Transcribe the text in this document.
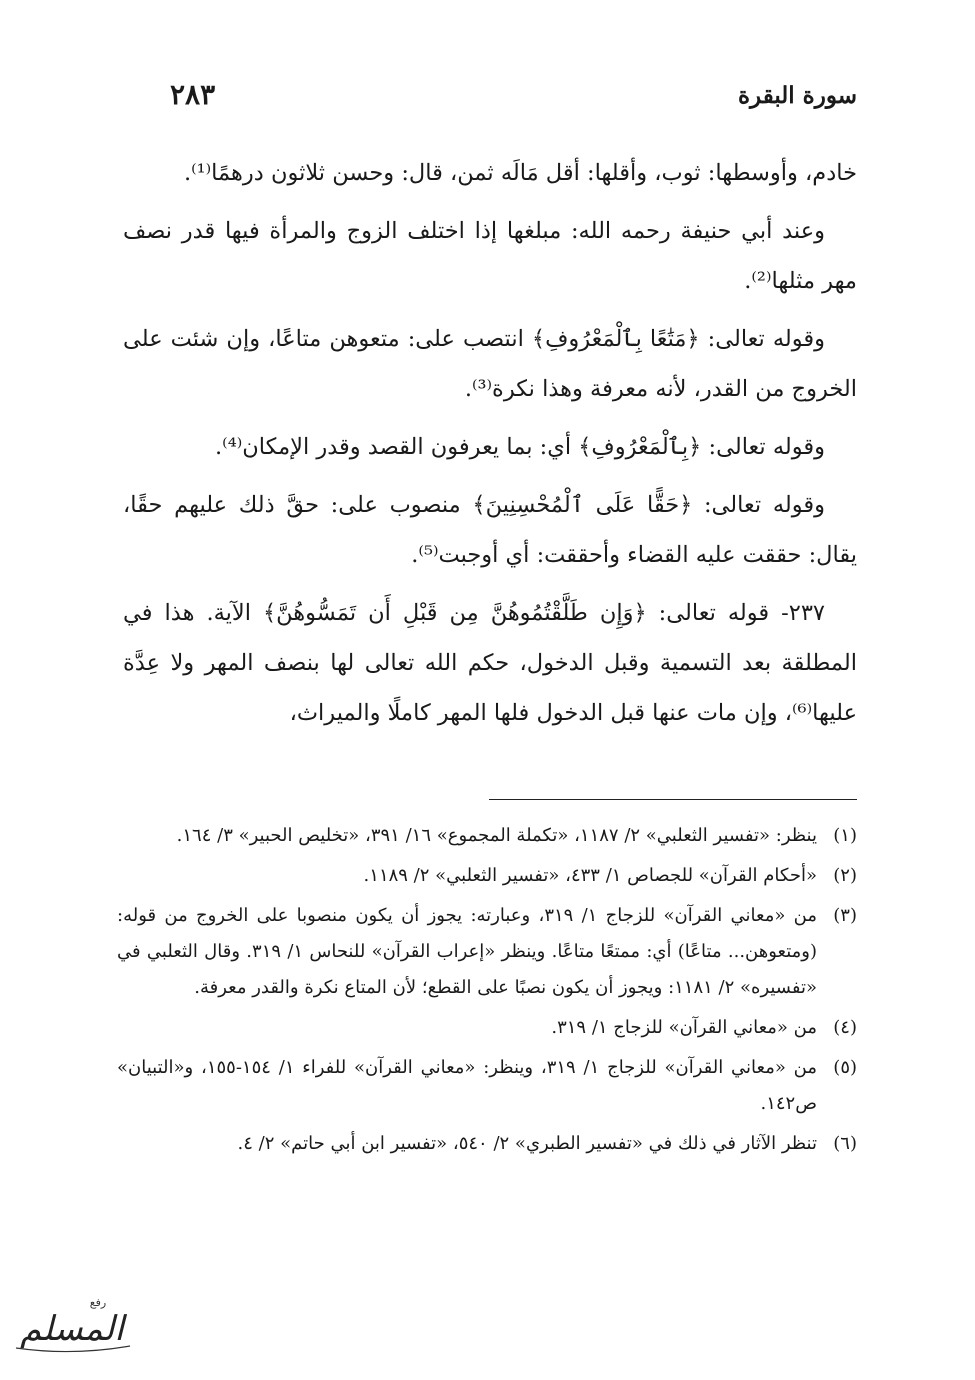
سورة البقرة
٢٨٣

خادم، وأوسطها: ثوب، وأقلها: أقل مَالَه ثمن، قال: وحسن ثلاثون درهمًا⁽¹⁾.

وعند أبي حنيفة رحمه الله: مبلغها إذا اختلف الزوج والمرأة فيها قدر نصف مهر مثلها⁽²⁾.

وقوله تعالى: ﴿مَتَٰعًا بِٱلْمَعْرُوفِ﴾ انتصب على: متعوهن متاعًا، وإن شئت على الخروج من القدر، لأنه معرفة وهذا نكرة⁽³⁾.

وقوله تعالى: ﴿بِٱلْمَعْرُوفِ﴾ أي: بما يعرفون القصد وقدر الإمكان⁽⁴⁾.

وقوله تعالى: ﴿حَقًّا عَلَى ٱلْمُحْسِنِينَ﴾ منصوب على: حقَّ ذلك عليهم حقًا، يقال: حققت عليه القضاء وأحققت: أي أوجبت⁽⁵⁾.

٢٣٧- قوله تعالى: ﴿وَإِن طَلَّقْتُمُوهُنَّ مِن قَبْلِ أَن تَمَسُّوهُنَّ﴾ الآية. هذا في المطلقة بعد التسمية وقبل الدخول، حكم الله تعالى لها بنصف المهر ولا عِدَّة عليها⁽⁶⁾، وإن مات عنها قبل الدخول فلها المهر كاملًا والميراث،

(١)ينظر: «تفسير الثعلبي» ٢/ ١١٨٧، «تكملة المجموع» ١٦/ ٣٩١، «تخليص الحبير» ٣/ ١٦٤.
(٢)«أحكام القرآن» للجصاص ١/ ٤٣٣، «تفسير الثعلبي» ٢/ ١١٨٩.
(٣)من «معاني القرآن» للزجاج ١/ ٣١٩، وعبارته: يجوز أن يكون منصوبا على الخروج من قوله: (ومتعوهن... متاعًا) أي: ممتعًا متاعًا. وينظر «إعراب القرآن» للنحاس ١/ ٣١٩. وقال الثعلبي في «تفسيره» ٢/ ١١٨١: ويجوز أن يكون نصبًا على القطع؛ لأن المتاع نكرة والقدر معرفة.
(٤)من «معاني القرآن» للزجاج ١/ ٣١٩.
(٥)من «معاني القرآن» للزجاج ١/ ٣١٩، وينظر: «معاني القرآن» للفراء ١/ ١٥٤-١٥٥، و«التبيان» ص١٤٢.
(٦)تنظر الآثار في ذلك في «تفسير الطبري» ٢/ ٥٤٠، «تفسير ابن أبي حاتم» ٢/ ٤.
رفع
المسلم
